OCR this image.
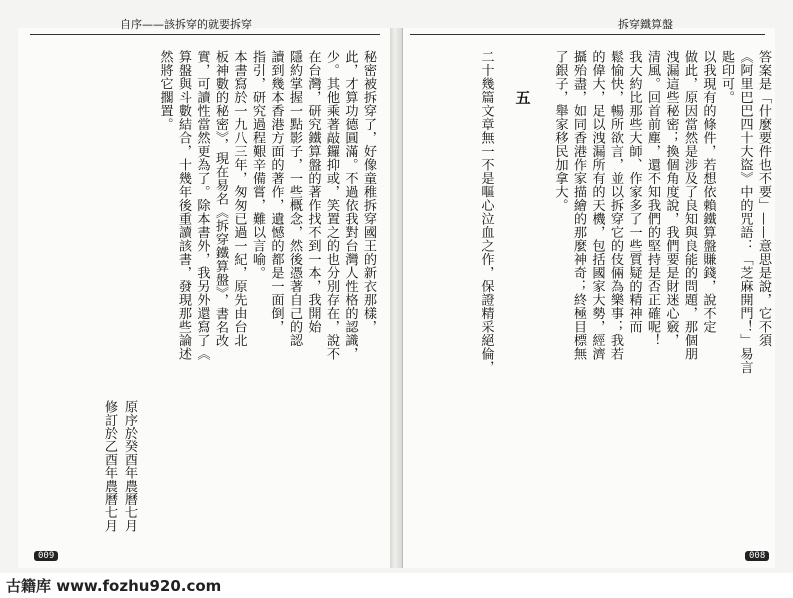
自序——該拆穿的就要拆穿	拆穿鐵算盤
答案是「什麼要件也不要」——意思是說，它不須
《阿里巴巴四十大盜》中的咒語：「芝麻開門！」易言
匙印可。
以我現有的條件，若想依賴鐵算盤賺錢，說不定
做此，原因當然是涉及了良知與良能的問題，那個朋
洩漏這些秘密；換個角度說，我們要是財迷心竅，
清風。回首前塵，還不知我們的堅持是否正確呢！
我大約比那些大師、作家多了一些質疑的精神而
鬆愉快，暢所欲言，並以拆穿它的伎倆為樂事；我若
的偉大，足以洩漏所有的天機，包括國家大勢，經濟
攝殆盡，如同香港作家描繪的那麼神奇；終極目標無
了銀子，舉家移民加拿大。
五
二十幾篇文章無一不是嘔心泣血之作，保證精采絕倫，
秘密被拆穿了，好像童稚拆穿國王的新衣那樣，
此，才算功德圓滿。不過依我對台灣人性格的認識，
少。其他乘著敲鑼抑或，笑置之的也分別存在，說不
在台灣，研究鐵算盤的著作找不到一本，我開始
隱約掌握一點影子，一些概念，然後憑著自己的認
讀到幾本香港方面的著作，遺憾的都是一面倒，
指引，研究過程艱辛備嘗，難以言喻。
本書寫於一九八三年，匆匆已過一紀，原先由台北
板神數的秘密》，現在易名《拆穿鐵算盤》，書名改
實，可讀性當然更為了。除本書外，我另外還寫了《
算盤與斗數結合，十幾年後重讀該書，發現那些論述
然將它擱置。
原序於癸酉年農曆七月
修訂於乙酉年農曆七月
009	008
古籍库 www.fozhu920.com
